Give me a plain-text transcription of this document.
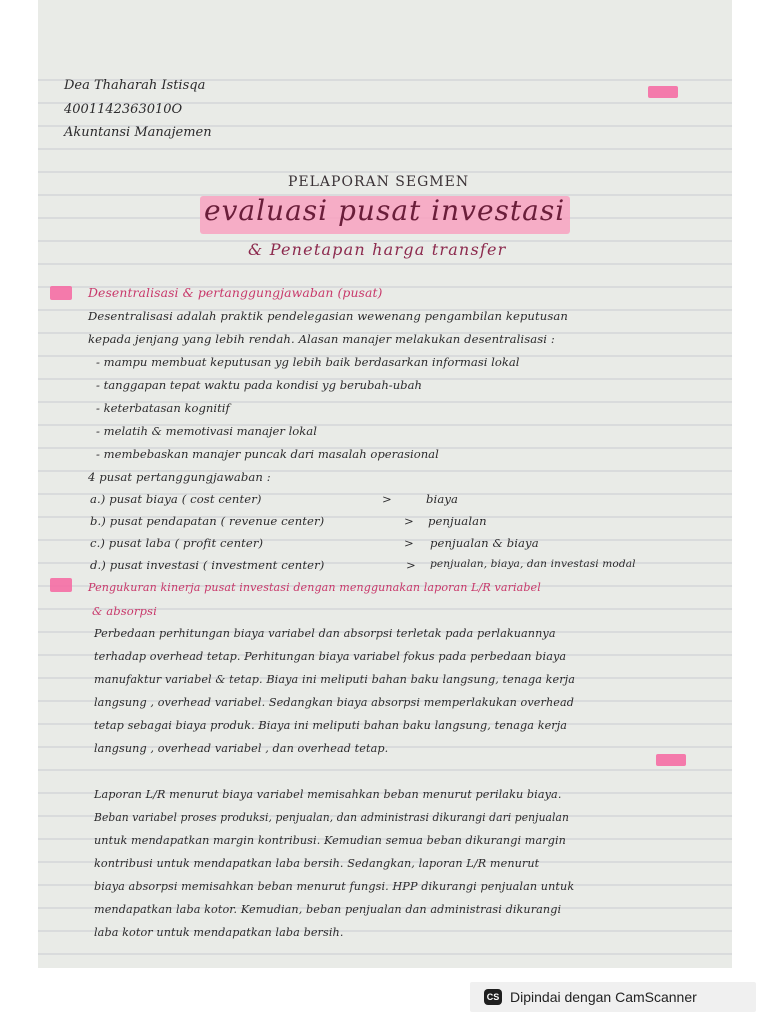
Dea Thaharah Istisqa
4001142363010O
Akuntansi Manajemen
PELAPORAN SEGMEN
evaluasi pusat investasi
& Penetapan harga transfer
Desentralisasi & pertanggungjawaban (pusat)
Desentralisasi adalah praktik pendelegasian wewenang pengambilan keputusan
kepada jenjang yang lebih rendah. Alasan manajer melakukan desentralisasi :
- mampu membuat keputusan yg lebih baik berdasarkan informasi lokal
- tanggapan tepat waktu pada kondisi yg berubah-ubah
- keterbatasan kognitif
- melatih & memotivasi manajer lokal
- membebaskan manajer puncak dari masalah operasional
4 pusat pertanggungjawaban :
a.) pusat biaya ( cost center)	>	biaya
b.) pusat pendapatan ( revenue center)	> penjualan
c.) pusat laba ( profit center)	> penjualan & biaya
d.) pusat investasi ( investment center)	> penjualan, biaya, dan investasi modal
Pengukuran kinerja pusat investasi dengan menggunakan laporan L/R variabel
& absorpsi
Perbedaan perhitungan biaya variabel dan absorpsi terletak pada perlakuannya
terhadap overhead tetap. Perhitungan biaya variabel fokus pada perbedaan biaya
manufaktur variabel & tetap. Biaya ini meliputi bahan baku langsung, tenaga kerja
langsung , overhead variabel. Sedangkan biaya absorpsi memperlakukan overhead
tetap sebagai biaya produk. Biaya ini meliputi bahan baku langsung, tenaga kerja
langsung , overhead variabel , dan overhead tetap.
Laporan L/R menurut biaya variabel memisahkan beban menurut perilaku biaya.
Beban variabel proses produksi, penjualan, dan administrasi dikurangi dari penjualan
untuk mendapatkan margin kontribusi. Kemudian semua beban dikurangi margin
kontribusi untuk mendapatkan laba bersih. Sedangkan, laporan L/R menurut
biaya absorpsi memisahkan beban menurut fungsi. HPP dikurangi penjualan untuk
mendapatkan laba kotor. Kemudian, beban penjualan dan administrasi dikurangi
laba kotor untuk mendapatkan laba bersih.
CS Dipindai dengan CamScanner
